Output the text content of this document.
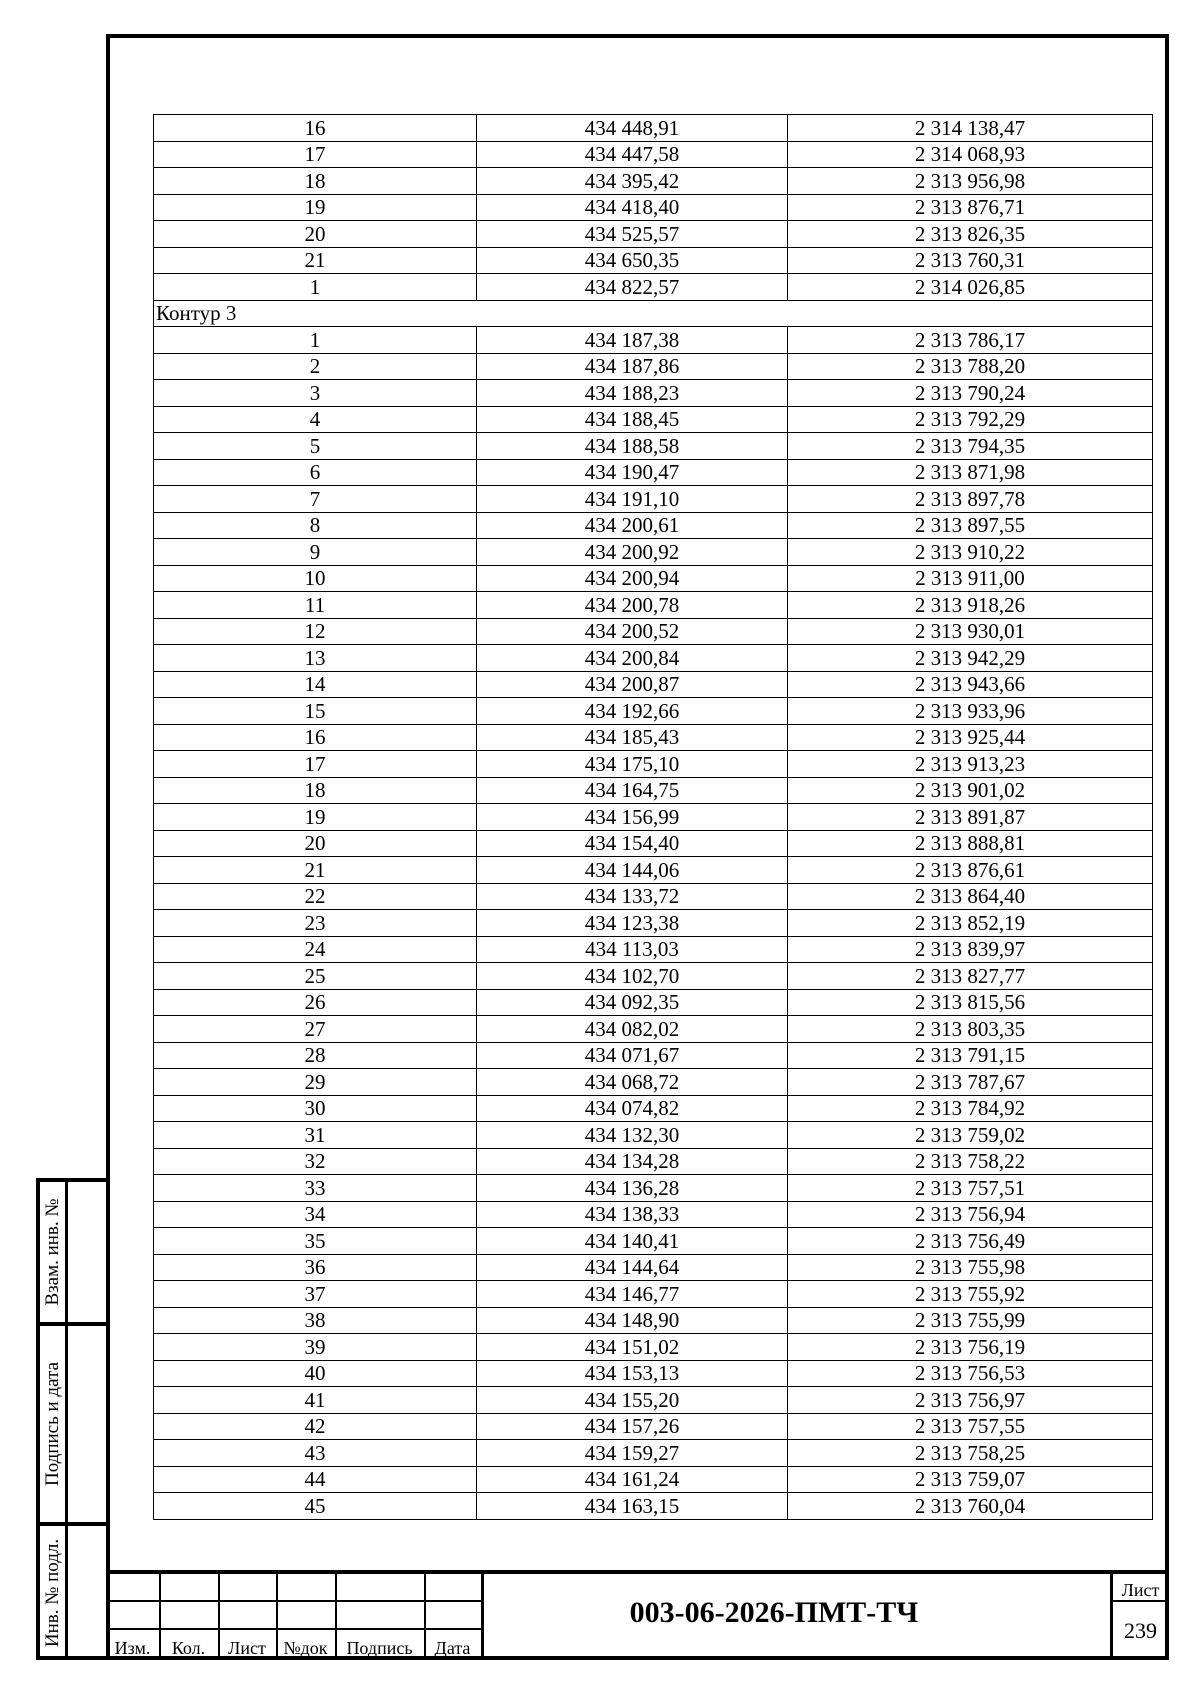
16	434 448,91	2 314 138,47
17	434 447,58	2 314 068,93
18	434 395,42	2 313 956,98
19	434 418,40	2 313 876,71
20	434 525,57	2 313 826,35
21	434 650,35	2 313 760,31
1	434 822,57	2 314 026,85
Контур 3		
1	434 187,38	2 313 786,17
2	434 187,86	2 313 788,20
3	434 188,23	2 313 790,24
4	434 188,45	2 313 792,29
5	434 188,58	2 313 794,35
6	434 190,47	2 313 871,98
7	434 191,10	2 313 897,78
8	434 200,61	2 313 897,55
9	434 200,92	2 313 910,22
10	434 200,94	2 313 911,00
11	434 200,78	2 313 918,26
12	434 200,52	2 313 930,01
13	434 200,84	2 313 942,29
14	434 200,87	2 313 943,66
15	434 192,66	2 313 933,96
16	434 185,43	2 313 925,44
17	434 175,10	2 313 913,23
18	434 164,75	2 313 901,02
19	434 156,99	2 313 891,87
20	434 154,40	2 313 888,81
21	434 144,06	2 313 876,61
22	434 133,72	2 313 864,40
23	434 123,38	2 313 852,19
24	434 113,03	2 313 839,97
25	434 102,70	2 313 827,77
26	434 092,35	2 313 815,56
27	434 082,02	2 313 803,35
28	434 071,67	2 313 791,15
29	434 068,72	2 313 787,67
30	434 074,82	2 313 784,92
31	434 132,30	2 313 759,02
32	434 134,28	2 313 758,22
33	434 136,28	2 313 757,51
34	434 138,33	2 313 756,94
35	434 140,41	2 313 756,49
36	434 144,64	2 313 755,98
37	434 146,77	2 313 755,92
38	434 148,90	2 313 755,99
39	434 151,02	2 313 756,19
40	434 153,13	2 313 756,53
41	434 155,20	2 313 756,97
42	434 157,26	2 313 757,55
43	434 159,27	2 313 758,25
44	434 161,24	2 313 759,07
45	434 163,15	2 313 760,04
Взам. инв. №
Подпись и дата
Инв. № подл.
Изм.	Кол.	Лист №док	Подпись	Дата
003-06-2026-ПМТ-ТЧ
Лист
239
